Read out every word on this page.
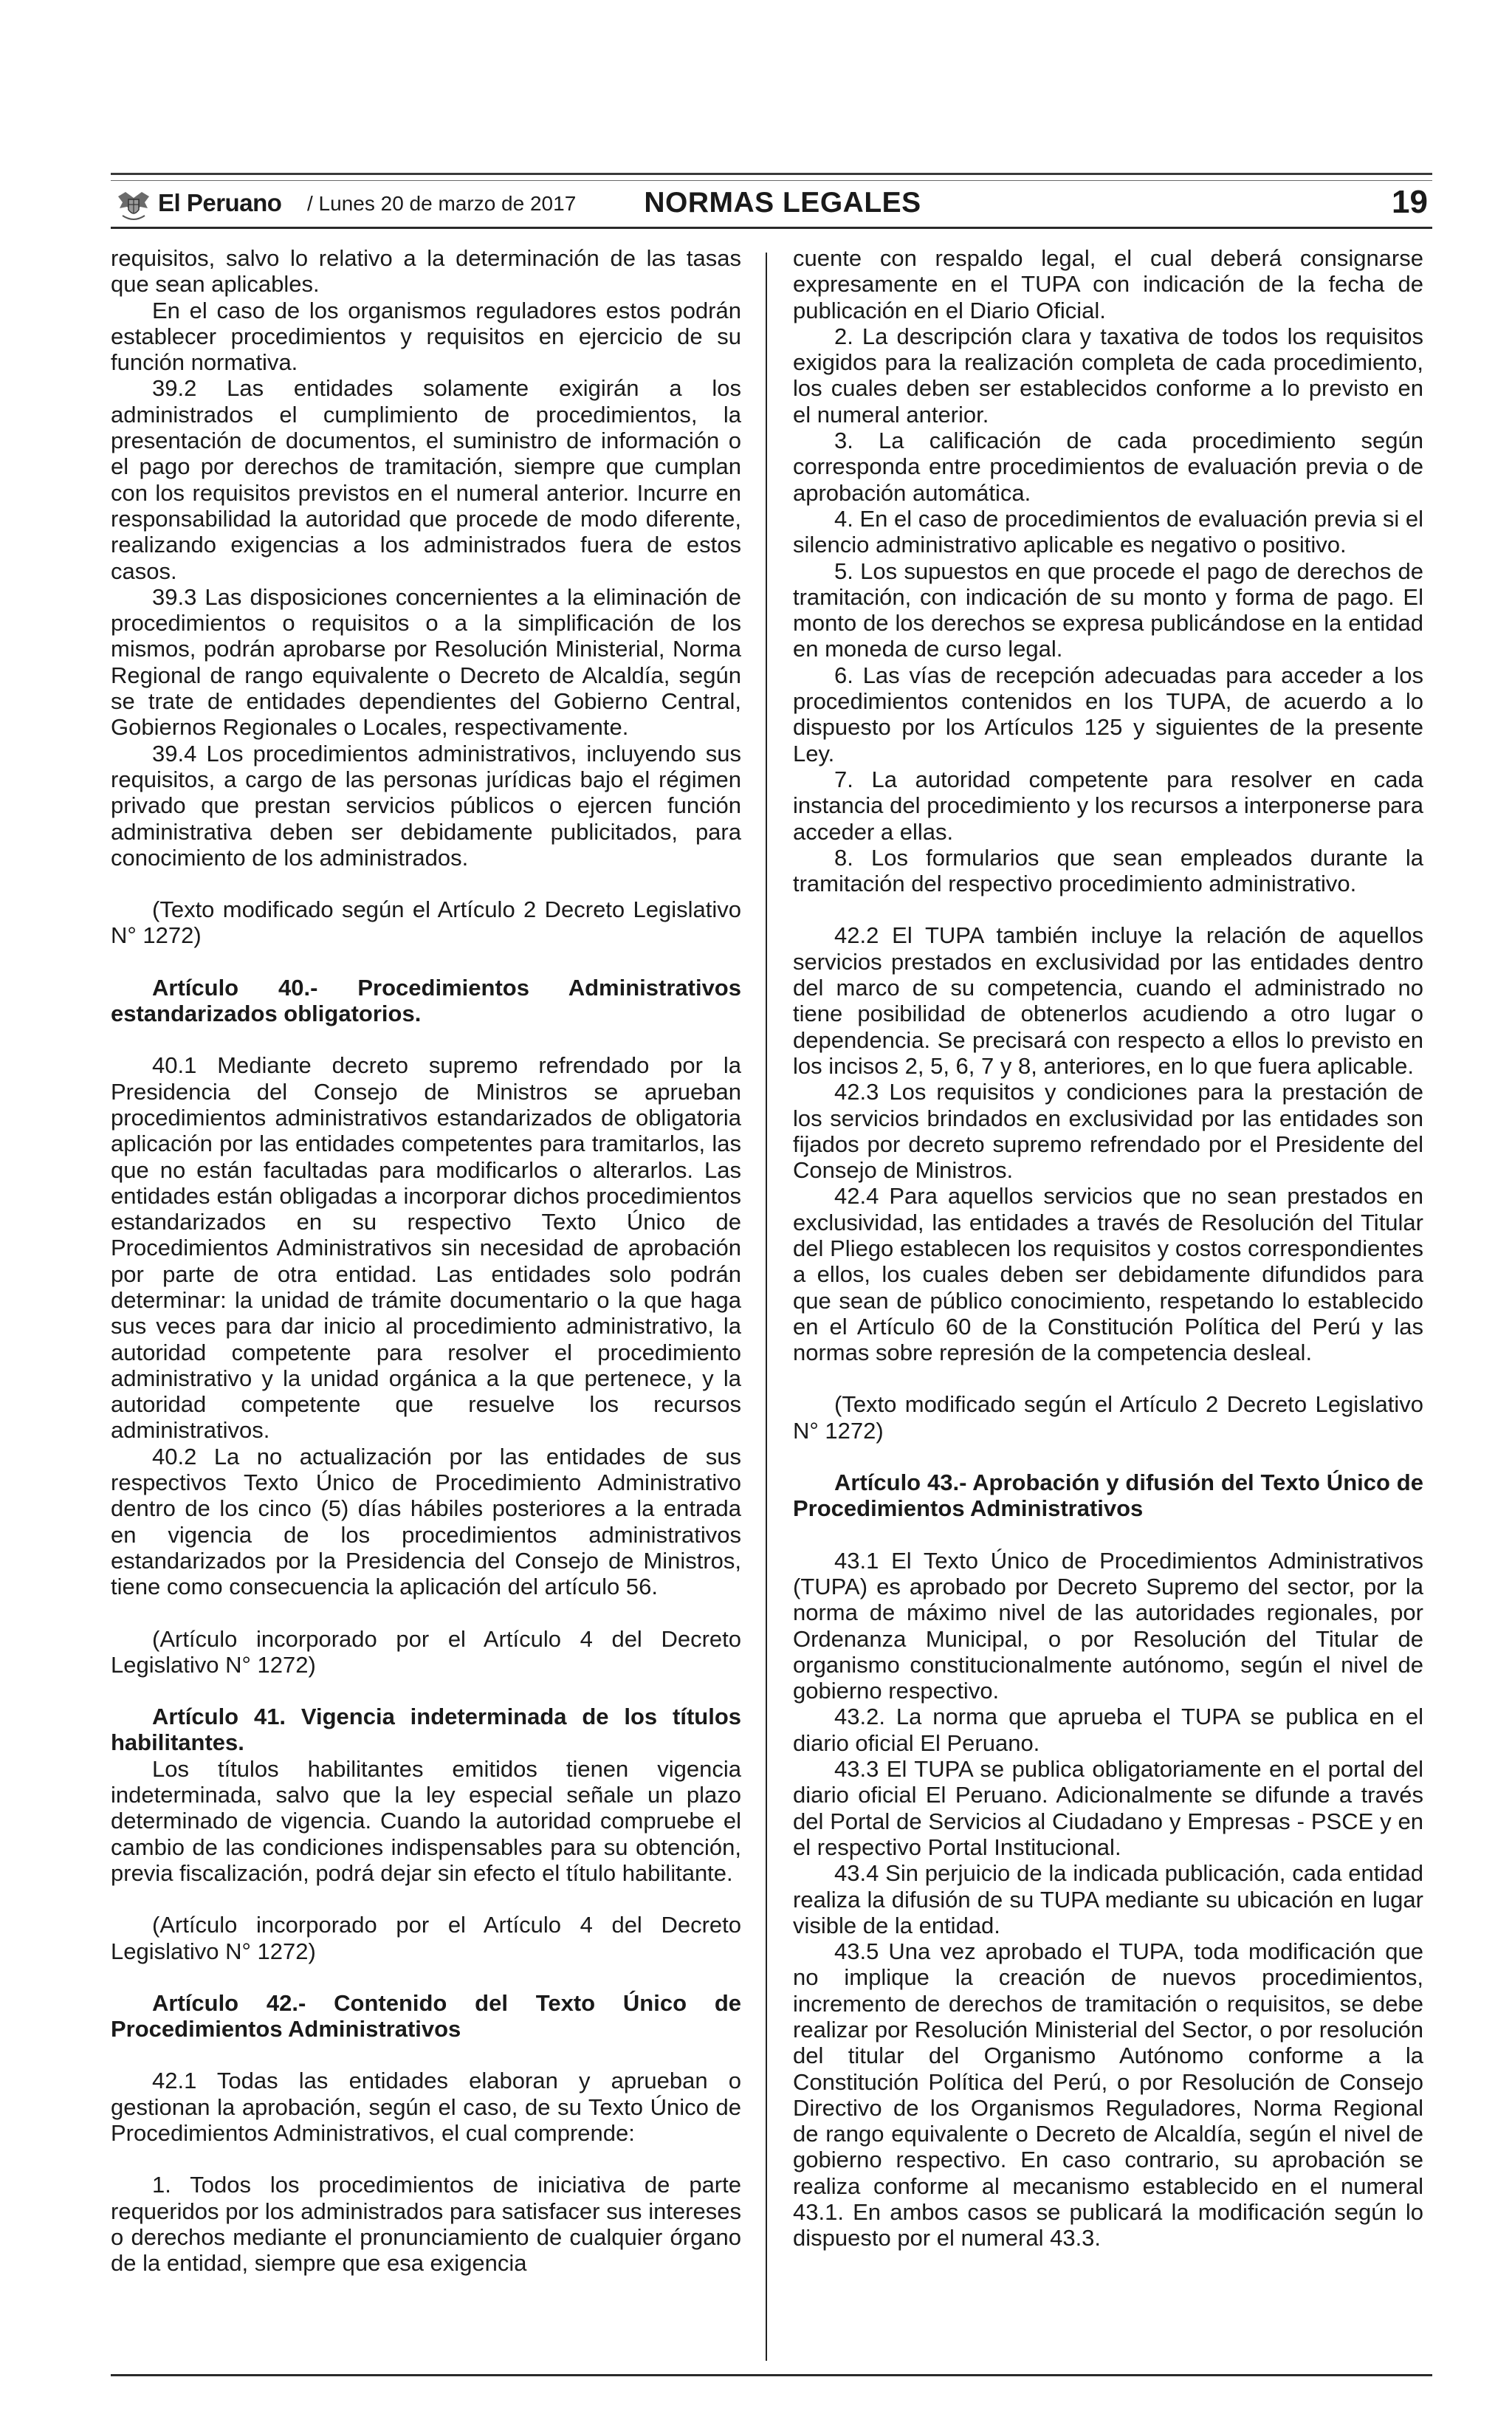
El Peruano / Lunes 20 de marzo de 2017	NORMAS LEGALES	19

requisitos, salvo lo relativo a la determinación de las tasas que sean aplicables.

En el caso de los organismos reguladores estos podrán establecer procedimientos y requisitos en ejercicio de su función normativa.

39.2 Las entidades solamente exigirán a los administrados el cumplimiento de procedimientos, la presentación de documentos, el suministro de información o el pago por derechos de tramitación, siempre que cumplan con los requisitos previstos en el numeral anterior. Incurre en responsabilidad la autoridad que procede de modo diferente, realizando exigencias a los administrados fuera de estos casos.

39.3 Las disposiciones concernientes a la eliminación de procedimientos o requisitos o a la simplificación de los mismos, podrán aprobarse por Resolución Ministerial, Norma Regional de rango equivalente o Decreto de Alcaldía, según se trate de entidades dependientes del Gobierno Central, Gobiernos Regionales o Locales, respectivamente.

39.4 Los procedimientos administrativos, incluyendo sus requisitos, a cargo de las personas jurídicas bajo el régimen privado que prestan servicios públicos o ejercen función administrativa deben ser debidamente publicitados, para conocimiento de los administrados.

(Texto modificado según el Artículo 2 Decreto Legislativo N° 1272)

Artículo 40.- Procedimientos Administrativos estandarizados obligatorios.

40.1 Mediante decreto supremo refrendado por la Presidencia del Consejo de Ministros se aprueban procedimientos administrativos estandarizados de obligatoria aplicación por las entidades competentes para tramitarlos, las que no están facultadas para modificarlos o alterarlos. Las entidades están obligadas a incorporar dichos procedimientos estandarizados en su respectivo Texto Único de Procedimientos Administrativos sin necesidad de aprobación por parte de otra entidad. Las entidades solo podrán determinar: la unidad de trámite documentario o la que haga sus veces para dar inicio al procedimiento administrativo, la autoridad competente para resolver el procedimiento administrativo y la unidad orgánica a la que pertenece, y la autoridad competente que resuelve los recursos administrativos.

40.2 La no actualización por las entidades de sus respectivos Texto Único de Procedimiento Administrativo dentro de los cinco (5) días hábiles posteriores a la entrada en vigencia de los procedimientos administrativos estandarizados por la Presidencia del Consejo de Ministros, tiene como consecuencia la aplicación del artículo 56.

(Artículo incorporado por el Artículo 4 del Decreto Legislativo N° 1272)

Artículo 41. Vigencia indeterminada de los títulos habilitantes.

Los títulos habilitantes emitidos tienen vigencia indeterminada, salvo que la ley especial señale un plazo determinado de vigencia. Cuando la autoridad compruebe el cambio de las condiciones indispensables para su obtención, previa fiscalización, podrá dejar sin efecto el título habilitante.

(Artículo incorporado por el Artículo 4 del Decreto Legislativo N° 1272)

Artículo 42.- Contenido del Texto Único de Procedimientos Administrativos

42.1 Todas las entidades elaboran y aprueban o gestionan la aprobación, según el caso, de su Texto Único de Procedimientos Administrativos, el cual comprende:

1. Todos los procedimientos de iniciativa de parte requeridos por los administrados para satisfacer sus intereses o derechos mediante el pronunciamiento de cualquier órgano de la entidad, siempre que esa exigencia

cuente con respaldo legal, el cual deberá consignarse expresamente en el TUPA con indicación de la fecha de publicación en el Diario Oficial.

2. La descripción clara y taxativa de todos los requisitos exigidos para la realización completa de cada procedimiento, los cuales deben ser establecidos conforme a lo previsto en el numeral anterior.

3. La calificación de cada procedimiento según corresponda entre procedimientos de evaluación previa o de aprobación automática.

4. En el caso de procedimientos de evaluación previa si el silencio administrativo aplicable es negativo o positivo.

5. Los supuestos en que procede el pago de derechos de tramitación, con indicación de su monto y forma de pago. El monto de los derechos se expresa publicándose en la entidad en moneda de curso legal.

6. Las vías de recepción adecuadas para acceder a los procedimientos contenidos en los TUPA, de acuerdo a lo dispuesto por los Artículos 125 y siguientes de la presente Ley.

7. La autoridad competente para resolver en cada instancia del procedimiento y los recursos a interponerse para acceder a ellas.

8. Los formularios que sean empleados durante la tramitación del respectivo procedimiento administrativo.

42.2 El TUPA también incluye la relación de aquellos servicios prestados en exclusividad por las entidades dentro del marco de su competencia, cuando el administrado no tiene posibilidad de obtenerlos acudiendo a otro lugar o dependencia. Se precisará con respecto a ellos lo previsto en los incisos 2, 5, 6, 7 y 8, anteriores, en lo que fuera aplicable.

42.3 Los requisitos y condiciones para la prestación de los servicios brindados en exclusividad por las entidades son fijados por decreto supremo refrendado por el Presidente del Consejo de Ministros.

42.4 Para aquellos servicios que no sean prestados en exclusividad, las entidades a través de Resolución del Titular del Pliego establecen los requisitos y costos correspondientes a ellos, los cuales deben ser debidamente difundidos para que sean de público conocimiento, respetando lo establecido en el Artículo 60 de la Constitución Política del Perú y las normas sobre represión de la competencia desleal.

(Texto modificado según el Artículo 2 Decreto Legislativo N° 1272)

Artículo 43.- Aprobación y difusión del Texto Único de Procedimientos Administrativos

43.1 El Texto Único de Procedimientos Administrativos (TUPA) es aprobado por Decreto Supremo del sector, por la norma de máximo nivel de las autoridades regionales, por Ordenanza Municipal, o por Resolución del Titular de organismo constitucionalmente autónomo, según el nivel de gobierno respectivo.

43.2. La norma que aprueba el TUPA se publica en el diario oficial El Peruano.

43.3 El TUPA se publica obligatoriamente en el portal del diario oficial El Peruano. Adicionalmente se difunde a través del Portal de Servicios al Ciudadano y Empresas - PSCE y en el respectivo Portal Institucional.

43.4 Sin perjuicio de la indicada publicación, cada entidad realiza la difusión de su TUPA mediante su ubicación en lugar visible de la entidad.

43.5 Una vez aprobado el TUPA, toda modificación que no implique la creación de nuevos procedimientos, incremento de derechos de tramitación o requisitos, se debe realizar por Resolución Ministerial del Sector, o por resolución del titular del Organismo Autónomo conforme a la Constitución Política del Perú, o por Resolución de Consejo Directivo de los Organismos Reguladores, Norma Regional de rango equivalente o Decreto de Alcaldía, según el nivel de gobierno respectivo. En caso contrario, su aprobación se realiza conforme al mecanismo establecido en el numeral 43.1. En ambos casos se publicará la modificación según lo dispuesto por el numeral 43.3.
